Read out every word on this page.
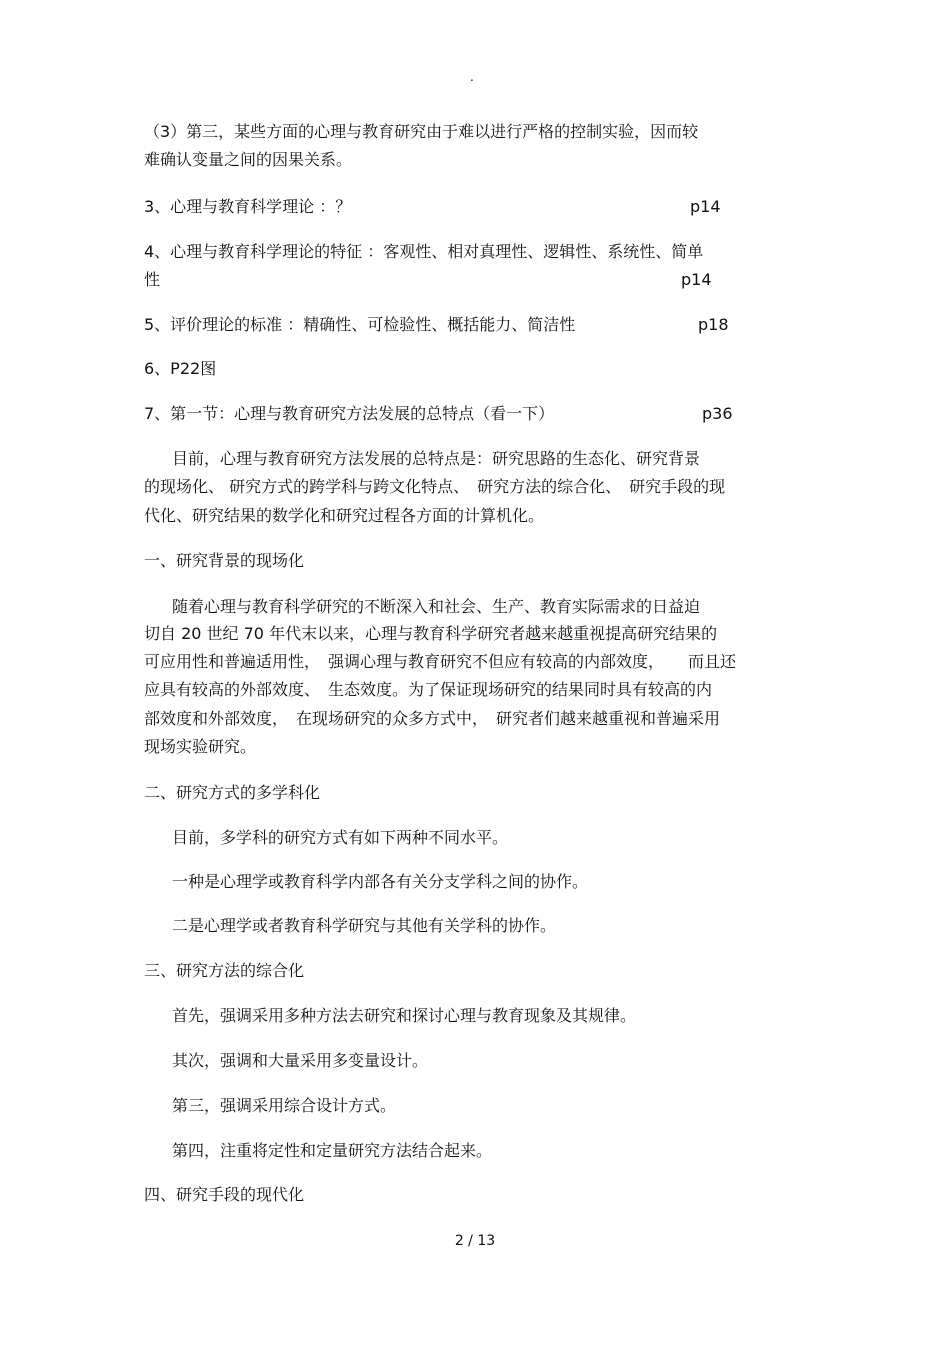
.
（3）第三，某些方面的心理与教育研究由于难以进行严格的控制实验，因而较
难确认变量之间的因果关系。
3、心理与教育科学理论 ：？	p14
4、心理与教育科学理论的特征 ：客观性、相对真理性、逻辑性、系统性、简单
性	p14
5、评价理论的标准 ：精确性、可检验性、概括能力、简洁性	p18
6、P22图
7、第一节：心理与教育研究方法发展的总特点（看一下）	p36
目前，心理与教育研究方法发展的总特点是：研究思路的生态化、研究背景
的现场化、 研究方式的跨学科与跨文化特点、　研究方法的综合化、　研究手段的现
代化、研究结果的数学化和研究过程各方面的计算机化。
一、研究背景的现场化
随着心理与教育科学研究的不断深入和社会、生产、教育实际需求的日益迫
切自 20 世纪 70 年代末以来，心理与教育科学研究者越来越重视提高研究结果的
可应用性和普遍适用性，　强调心理与教育研究不但应有较高的内部效度，　　而且还
应具有较高的外部效度、　生态效度。为了保证现场研究的结果同时具有较高的内
部效度和外部效度，　在现场研究的众多方式中，　研究者们越来越重视和普遍采用
现场实验研究。
二、研究方式的多学科化
目前，多学科的研究方式有如下两种不同水平。
一种是心理学或教育科学内部各有关分支学科之间的协作。
二是心理学或者教育科学研究与其他有关学科的协作。
三、研究方法的综合化
首先，强调采用多种方法去研究和探讨心理与教育现象及其规律。
其次，强调和大量采用多变量设计。
第三，强调采用综合设计方式。
第四，注重将定性和定量研究方法结合起来。
四、研究手段的现代化
2 / 13
